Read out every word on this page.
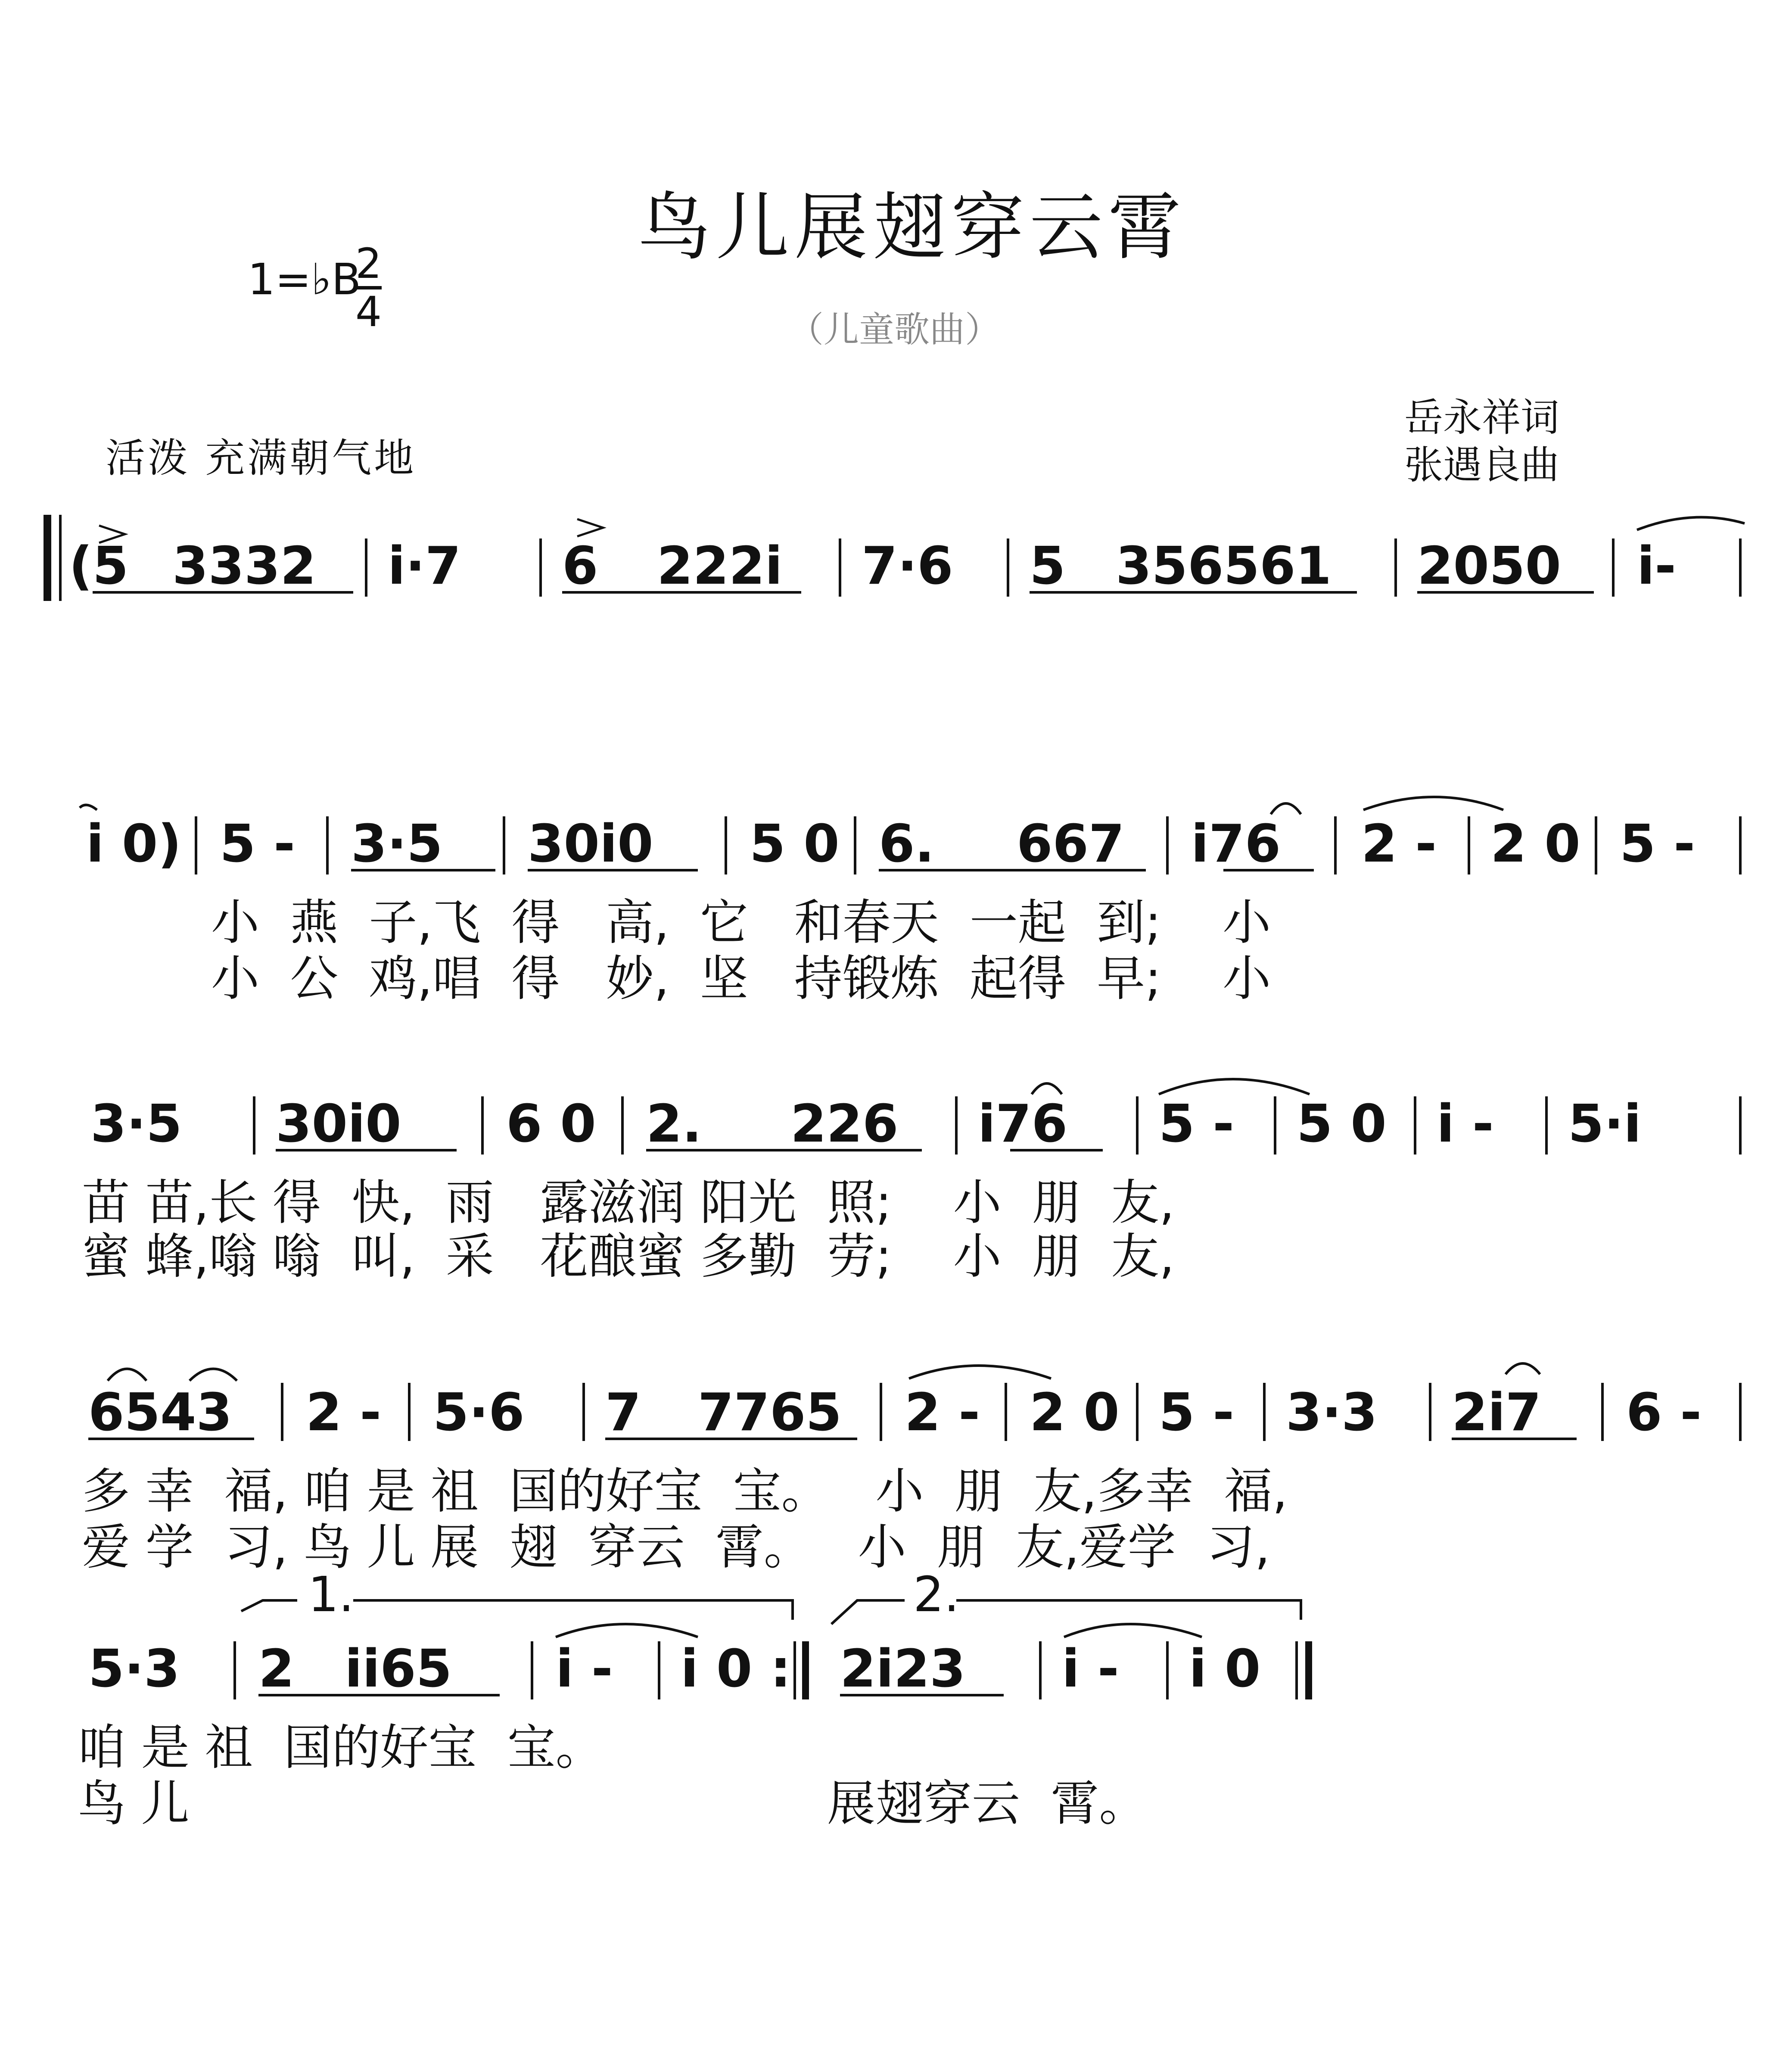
鸟儿展翅穿云霄
（儿童歌曲）
1=♭B
2
4
活泼 充满朝气地
岳永祥词
张遇良曲
(5 3332 i·7 6 222i 7·6 5 356561 2050 i-
i 0) 5 - 3·5 30i0 5 0 6. 667 i76 2 - 2 0 5 -
小  燕  子,飞  得   高,  它   和春天  一起  到;    小
小  公  鸡,唱  得   妙,  坚   持锻炼  起得  早;    小
3·5 30i0 6 0 2. 226 i76 5 - 5 0 i - 5·i
苗 苗,长 得  快,  雨   露滋润 阳光  照;    小  朋  友,
蜜 蜂,嗡 嗡  叫,  采   花酿蜜 多勤  劳;    小  朋  友,
6543 2 - 5·6 7 7765 2 - 2 0 5 - 3·3 2i7 6 -
多 幸  福, 咱 是 祖  国的好宝  宝。   小  朋  友,多幸  福,
爱 学  习, 鸟 儿 展  翅  穿云  霄。   小  朋  友,爱学  习,
1.	2.
5·3 2 ii65 i - i 0 : 2i23 i - i 0
咱 是 祖  国的好宝  宝。
鸟 儿	展翅穿云  霄。
